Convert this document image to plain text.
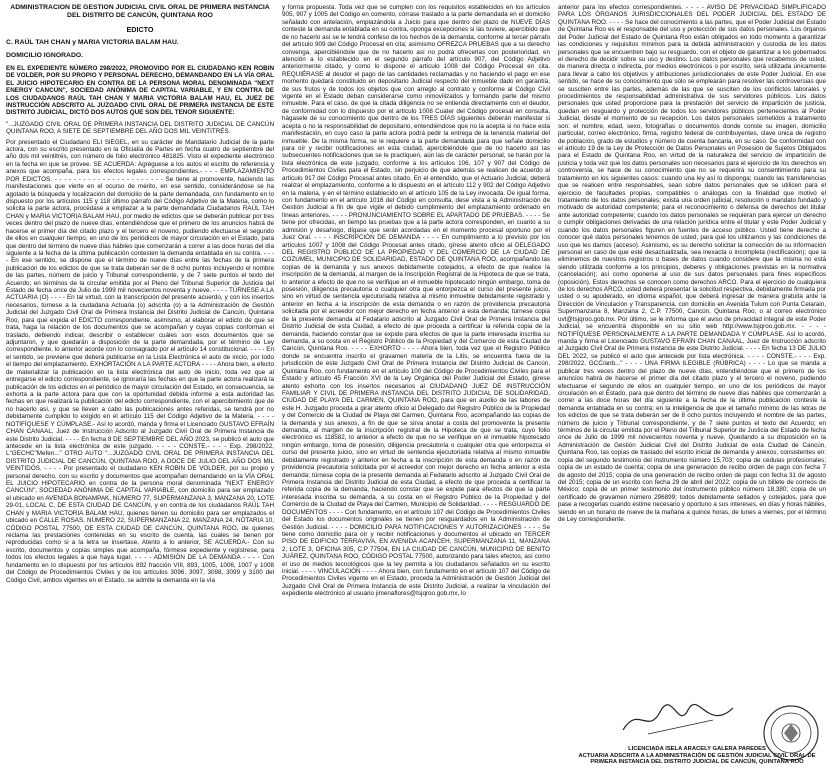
ADMINISTRACIÓN DE GESTIÓN JUDICIAL CIVIL ORAL DE PRIMERA INSTANCIA DEL DISTRITO DE CANCÚN, QUINTANA ROO
EDICTO
C. RAÚL TAH CHAN y MARIA VICTORIA BALAM HAU.
DOMICILIO IGNORADO.

EN EL EXPEDIENTE NÚMERO 298/2022, PROMOVIDO POR EL CIUDADANO KEN ROBIN DE VOLDER, POR SU PROPIO Y PERSONAL DERECHO, DEMANDANDO EN LA VÍA ORAL EL JUICIO HIPOTECARIO EN CONTRA DE LA PERSONA MORAL DENOMINADA "NEXT ENERGY CANCÚN", SOCIEDAD ANÓNIMA DE CAPITAL VARIABLE, Y EN CONTRA DE LOS CIUDADANOS RAÚL TAH CHAN Y MARIA VICTORIA BALAM HAU, EL JUEZ DE INSTRUCCIÓN ADSCRITO AL JUZGADO CIVIL ORAL DE PRIMERA INSTANCIA DE ESTE DISTRITO JUDICIAL, DICTÓ DOS AUTOS QUE SON DEL TENOR SIGUIENTE:

"...JUZGADO CIVIL ORAL DE PRIMERA INSTANCIA DEL DISTRITO JUDICIAL DE CANCÚN QUINTANA ROO, A SIETE DE SEPTIEMBRE DEL AÑO DOS MIL VEINTITRÉS.

Por presentado el Ciudadano ELI SIEGEL, en su carácter de Mandatario Judicial de la parte actora, con su escrito presentado en la Oficialía de Partes en fecha cuatro de septiembre del año dos mil veintitrés, con número de folio electrónico 481825. Visto el expediente electrónico en la fecha en que se provee. SE ACUERDA: Agréguese a los autos el escrito de referencia y anexos que acompaña, para los efectos legales correspondientes.- - - - EMPLAZAMIENTO POR EDICTOS. - - - - - - - - - - - - - - - - - - - - - - - Se tiene al promovente, haciendo las manifestaciones que vierte en el ocurso de mérito, en ese sentido, considerándose se ha agotado la búsqueda y localización del domicilio de la parte demandada, con fundamento en lo dispuesto por los artículos 115 y 118 último párrafo del Código Adjetivo de la Materia, como lo solicita la parte actora, procédase a emplazar a la parte demandada Ciudadanos RAÚL TAH CHAN y MARIA VICTORIA BALAM HAU, por medio de edictos que se deberán publicar por tres veces dentro del plazo de nueve días, entendiéndose que el primero de los anuncios habrá de hacerse el primer día del citado plazo y el tercero el noveno, pudiendo efectuarse el segundo de ellos en cualquier tiempo, en uno de los periódicos de mayor circulación en el Estado, para que dentro del término de nueve días hábiles que comenzarán a correr a las doce horas del día siguiente a la fecha de la última publicación contesten la demanda entablada en su contra. - - - - En ese sentido, se dispone que el término de nueve días entre las fechas de la primera publicación de los edictos de que se trata deberán ser de 8 ocho puntos incluyendo el nombre de las partes, número de juicio y Tribunal correspondiente, y de 7 siete puntos el texto del Acuerdo; en términos de la circular emitida por el Pleno del Tribunal Superior de Justicia del Estado de fecha once de Julio de 1999 mil novecientos noventa y nueve. - - - - TÚRNESE A LA ACTUARIA (O) - - - - En tal virtud, con la transcripción del presente acuerdo, y con los insertos necesarios, túrnese a la ciudadana Actuaria (o) adscrita (o) a la Administración de Gestión Judicial del Juzgado Civil Oral de Primera Instancia del Distrito Judicial de Cancún, Quintana Roo, para que expida el EDICTO correspondiente, asimismo, al elaborar el edicto de que se trata, haga la relación de los documentos que se acompañan y cuyas copias conforman el traslado, debiendo indicar, describir o establecer cuáles son esos documentos que se adjuntaron, y que quedarán a disposición de la parte demandada, por el término de Ley correspondiente, lo anterior acorde con lo consagrado por el artículo 14 constitucional. - - - - En el sentido, se previene que deberá publicarse en la Lista Electrónica el auto de inicio, por todo el tiempo del emplazamiento. EXHORTACIÓN A LA PARTE ACTORA - - - - Ahora bien, a efecto de materializar la publicación en la lista electrónica del auto de inicio, toda vez que al entregarse el edicto correspondiente, se ignoraría las fechas en que la parte actora realizará la publicación de los edictos en el periódico de mayor circulación del Estado, en consecuencia, se exhorta a la parte actora para que con la oportunidad debida informe a esta autoridad las fechas en que realizará la publicación del edicto correspondiente, con el apercibimiento que de no hacerlo así, y que se lleven a cabo las publicaciones antes referidas, se tendrá por no debidamente cumplido lo exigido en el artículo 115 del Código Adjetivo de la Materia. - - - - NOTIFÍQUESE Y CÚMPLASE.- Así lo acordó, manda y firma el Licenciado GUSTAVO EFRAÍN CHAN CANAAL, Juez de Instrucción Adscrito al Juzgado Civil Oral de Primera Instancia de este Distrito Judicial. - - - - En fecha 8 DE SEPTIEMBRE DEL AÑO 2023, se publicó el auto que antecede en la lista electrónica de este juzgado. - - - - CONSTE.- - - - Exp. 298/2022, L"GECHC"Mefen..." OTRO AUTO "...JUZGADO CIVIL ORAL DE PRIMERA INSTANCIA DEL DISTRITO JUDICIAL DE CANCÚN, QUINTANA ROO, A DOCE DE JULIO DEL AÑO DOS MIL VEINTIDÓS. - - - - Por presentado el ciudadano KEN ROBIN DE VOLDER, por su propio y personal derecho, con su escrito y documentos que acompañan demandando en la VÍA ORAL EL JUICIO HIPOTECARIO en contra de la persona moral denominada "NEXT ENERGY CANCÚN", SOCIEDAD ANÓNIMA DE CAPITAL VARIABLE, con domicilio para ser emplazado el ubicado en AVENIDA BONAMPAK, NÚMERO 77, SUPERMANZANA 3, MANZANA 20, LOTE 29-01, LOCAL C, DE ESTA CIUDAD DE CANCÚN, y en contra de los ciudadanos RAÚL TAH CHAN y MARIA VICTORIA BALAM HAU, quienes tienen su domicilio para ser emplazados el ubicado en CALLE ROSAS, NÚMERO 22, SUPERMANZANA 22, MANZANA 24, NOTARIA 10, CÓDIGO POSTAL 77500, DE ESTA CIUDAD DE CANCÚN, QUINTANA ROO, de quienes reclama las prestaciones contenidas en su escrito de cuenta, las cuales se tienen por reproducidas como si a la letra se insertase. Atento a lo anterior, SE ACUERDA.- Con su escrito, documentos y copias simples que acompaña, fórmese expediente y regístrese, para todos los efectos legales a que haya lugar. - - - - ADMISIÓN DE LA DEMANDA - - - - Con fundamento en lo dispuesto por los artículos 892 fracción VIII, 893, 1005, 1006, 1007 y 1008 del Código de Procedimientos Civiles y de los artículos 3096, 3097, 3098, 3099 y 3100 del Código Civil, ambos vigentes en el Estado, se admite la demanda en la vía

y forma propuesta. Toda vez que se cumplen con los requisitos establecidos en los artículos 905, 907 y 1005 del Código en comento, córrase traslado a la parte demandada en el domicilio señalado con antelación, emplazándola a Juicio para que dentro del plazo de NUEVE DÍAS conteste la demanda entablada en su contra, oponga excepciones si las tuviere, apercibido que de no hacerlo así se le tendrá confeso de los hechos de la demanda, conforme al tercer párrafo del artículo 909 del Código Procesal en cita; asimismo OFREZCA PRUEBAS que a su derecho convenga, apercibiéndole que de no hacerlo así no podrá ofrecerlas con posterioridad, en atención a lo establecido en el segundo párrafo del artículo 907, del Código Adjetivo anteriormente citado, y como lo dispone el artículo 1008 del Código Procesal en cita. REQUIÉRASE al deudor el pago de las cantidades reclamadas y no haciendo el pago en ese momento quedará constituido en depositario Judicial respecto del inmueble dado en garantía, de sus frutos y de todos los objetos que con arreglo al contrato y conforme al Código Civil vigente en el Estado deban considerarse como inmovilizados y formando parte del mismo inmueble. Para el caso, de que la citada diligencia no se entienda directamente con el deudor, de conformidad con lo dispuesto por el artículo 1008 Cuater del Código procesal en consulta, hágasele de su conocimiento que dentro de los TRES DÍAS siguientes deberán manifestar si acepta o no la responsabilidad de depositario, entendiéndose que no la acepta si no hace esta manifestación, en cuyo caso la parte actora podrá pedir la entrega de la tenencia material del inmueble. De la misma forma, se le requiere a la parte demandada para que señale domicilio para oír y recibir notificaciones en esta ciudad, apercibiéndole que de no hacerlo así las subsecuentes notificaciones que se le practiquen, aún las de carácter personal, se harán por la lista electrónica de este juzgado, conforme a los artículos 106, 107 y 907 del Código de Procedimientos Civiles para el Estado, sin perjuicio de que además se realicen de acuerdo al artículo 917 del Código Procesal antes citado. En el entendido, que el Actuario Judicial, deberá realizar el emplazamiento, conforme a lo dispuesto en el artículo 112 y 902 del Código Adjetivo en la materia, y en el término establecido en el artículo 105 de la Ley invocada. De igual forma, con fundamento en el artículo 1016 del Código en consulta, dese vista a la Administración de Gestión Judicial a fin de que vigile el debido cumplimiento del emplazamiento ordenado en líneas anteriores. - - - - PRONUNCIAMIENTO SOBRE EL APARTADO DE PRUEBAS. - - - - Se tiene por ofrecidas, en tiempo las pruebas que a la parte actora corresponden, en cuanto a su admisión y desahogo, dígase que serán acordadas en el momento procesal oportuno por el Juez Oral. - - - - INSCRIPCIÓN DE DEMANDA - - - - En cumplimiento a lo previsto por los artículos 1007 y 1008 del Código Procesal antes citado, gírese atento oficio al DELEGADO DEL REGISTRO PÚBLICO DE LA PROPIEDAD Y DEL COMERCIO DE LA CIUDAD DE COZUMEL, MUNICIPIO DE SOLIDARIDAD, ESTADO DE QUINTANA ROO, acompañando las copias de la demanda y sus anexos debidamente cotejados, a efecto de que realice la inscripción de la demanda, al margen de la Inscripción Registral de la Hipoteca de que se trata, lo anterior a efecto de que no se verifique en el inmueble hipotecado ningún embargo, toma de posesión, diligencia precautoria o cualquier otra que entorpezca el curso del presente juicio, sino en virtud de sentencia ejecutoriada relativa al mismo inmueble debidamente registrado y anterior en fecha a la inscripción de esta demanda o en razón de providencia precautoria solicitada por el acreedor con mejor derecho en fecha anterior a esta demanda; túrnese copia de la presente demanda al Fedatario adscrito al Juzgado Civil Oral de Primera Instancia del Distrito Judicial de esta Ciudad, a efecto de que proceda a certificar la referida copia de la demanda, haciendo constar que se expide para efectos de que la parte interesada inscriba su demanda, a su costa en el Registro Público de la Propiedad y del Comercio de esta Ciudad de Cancún, Quintana Roo. - - - - EXHORTO - - - - Ahora bien, toda vez que el Registro Público donde se encuentra inscrito el gravamen materia de la Litis, se encuentra fuera de la jurisdicción de este Juzgado Civil Oral de Primera Instancia del Distrito Judicial de Cancún, Quintana Roo, con fundamento en el artículo 100 del Código de Procedimientos Civiles para el Estado y artículo 45 Fracción XVI de la Ley Orgánica del Poder Judicial del Estado, gírese atento exhorto con los insertos necesarios al CIUDADANO JUEZ DE INSTRUCCIÓN FAMILIAR Y CIVIL DE PRIMERA INSTANCIA DEL DISTRITO JUDICIAL DE SOLIDARIDAD, CIUDAD DE PLAYA DEL CARMEN, QUINTANA ROO, para que en auxilio de las labores de este H. Juzgado proceda a girar atento oficio al Delegado del Registro Público de la Propiedad y del Comercio de la Ciudad de Playa del Carmen, Quintana Roo, acompañando las copias de la demanda y sus anexos, a fin de que se sirva anotar a costa del promovente la presente demanda, al margen de la inscripción registral de la Hipoteca de que se trata, cuyo folio electrónico es 118582, lo anterior a efecto de que no se verifique en el inmueble hipotecado ningún embargo, toma de posesión, diligencia precautoria o cualquier otra que entorpezca el curso del presente juicio, sino en virtud de sentencia ejecutoriada relativa al mismo inmueble debidamente registrado y anterior en fecha a la inscripción de esta demanda o en razón de providencia precautoria solicitada por el acreedor con mejor derecho en fecha anterior a esta demanda; túrnese copia de la presente demanda al Fedatario adscrito al Juzgado Civil Oral de Primera Instancia del Distrito Judicial de esta Ciudad, a efecto de que proceda a certificar la referida copia de la demanda, haciendo constar que se expide para efectos de que la parte interesada inscriba su demanda, a su costa en el Registro Público de la Propiedad y del Comercio de la Ciudad de Playa del Carmen, Municipio de Solidaridad. - - - - RESGUARDO DE DOCUMENTOS - - - - Con fundamento, en el artículo 107 del Código de Procedimientos Civiles del Estado los documentos originales se tienen por resguardados en la Administración de Gestión Judicial. - - - - DOMICILIO PARA NOTIFICACIONES Y AUTORIZACIONES - - - - Se tiene como domicilio para oír y recibir notificaciones y documentos el ubicado en TERCER PISO DE EDIFICIO TERRAVIVA, EN AVENIDA ACANCEH, SUPERMANZANA 11, MANZANA 2, LOTE 3, OFICINA 305, C.P 77504, EN LA CIUDAD DE CANCÚN, MUNICIPIO DE BENITO JUÁREZ, QUINTANA ROO, CÓDIGO POSTAL 77500, autorizando para tales efectos, así como el uso de medios tecnológicos que la ley permita a los ciudadanos señalados en su escrito inicial. - - - - VINCULACIÓN - - - - Ahora bien, con fundamento en el artículo 107 del Código de Procedimientos Civiles vigente en el Estado, proceda la Administración de Gestión Judicial del Juzgado Civil Oral de Primera Instancia de este Distrito Judicial, a realizar la vinculación del expediente electrónico al usuario jimenaflores@tsjqroo.gob.mx, lo

anterior para los efectos correspondientes. - - - - AVISO DE PRIVACIDAD SIMPLIFICADO PARA LOS ÓRGANOS JURISDICCIONALES DEL PODER JUDICIAL DEL ESTADO DE QUINTANA ROO. - - - - Se hace del conocimiento a las partes, que el Poder Judicial del Estado de Quintana Roo es el responsable del uso y protección de sus datos personales. Los órganos del Poder Judicial del Estado de Quintana Roo están obligados en todo momento a garantizar las condiciones y requisitos mínimos para la debida administración y custodia de los datos personales que se encuentren bajo su resguardo, con el objeto de garantizar a los gobernados el derecho de decidir sobre su uso y destino. Los datos personales que recabemos de usted, de manera directa o indirecta, por medios electrónicos o por escrito, será utilizada únicamente para llevar a cabo los objetivos y atribuciones jurisdiccionales de este Poder Judicial. En ese sentido, se hace de su conocimiento que sólo se emplearán para resolver las controversias que se susciten entre las partes, además de las que se susciten de los conflictos laborales y procedimientos de responsabilidad administrativa de sus servidores públicos. Los datos personales que usted proporcione para la prestación del servicio de impartición de justicia, quedan en resguardo y protección de todos los servidores públicos pertenecientes al Poder Judicial, desde el momento de su recepción. Los datos personales sometidos a tratamiento son: el nombre, edad, sexo, fotografías o documentos donde conste su imagen, domicilio particular, correo electrónico, firma, registro federal de contribuyentes, clave única de registro de población, grado de estudios y número de cuenta bancaria, en su caso. De conformidad con el artículo 19 de la Ley de Protección de Datos Personales en Posesión de Sujetos Obligados para el Estado de Quintana Roo, en virtud de la naturaleza del servicio de impartición de justicia y toda vez que los datos personales son necesarios para el ejercicio de los derechos en controversia, se hace de su conocimiento que no se requerirá su consentimiento para su tratamiento en los siguientes casos: cuando una ley así lo disponga; cuando las transferencias que se realicen entre responsables, sean sobre datos personales que se utilicen para el ejercicio de facultades propias, compatibles o análogas con la finalidad que motivó el tratamiento de los datos personales; exista una orden judicial, resolución o mandato fundado y motivado de autoridad competente; para el reconocimiento o defensa de derechos del titular ante autoridad competente; cuando los datos personales se requieran para ejercer un derecho o cumplir obligaciones derivadas de una relación jurídica entre el titular y este Poder Judicial y cuando los datos personales figuren en fuentes de acceso público. Usted tiene derecho a conocer qué datos personales tenemos de usted, para qué los utilizamos y las condiciones de uso que les damos (acceso). Asimismo, es su derecho solicitar la corrección de su información personal en caso de que esté desactualizada, sea inexacta o incompleta (rectificación); que la eliminemos de nuestros registros o bases de datos cuando considere que la misma no está siendo utilizada conforme a los principios, deberes y obligaciones previstas en la normativa (cancelación); así como oponerse al uso de sus datos personales para fines específicos (oposición). Estos derechos se conocen como derechos ARCO. Para el ejercicio de cualquiera de los derechos ARCO, usted deberá presentar la solicitud respectiva, debidamente firmada por usted o su apoderado, en idioma español, que deberá ingresar de manera gratuita ante la Dirección de Vinculación y Transparencia, con domicilio en Avenida Tulum con Punta Celarain, Supermanzana 8, Manzana 2, C.P. 77500, Cancún, Quintana Roo; o al correo electrónico uvt@tsjqroo.gob.mx. Por último, se le informa que el aviso de privacidad integral de este Poder Judicial, se encuentra disponible en su sitio web http://www.tsjqroo.gob.mx. - - - - NOTIFÍQUESE PERSONALMENTE A LA PARTE DEMANDADA Y CÚMPLASE. Así lo acordó, manda y firma el Licenciado GUSTAVO EFRAÍN CHAN CANAAL, Juez de Instrucción adscrito al Juzgado Civil Oral de Primera Instancia de este Distrito Judicial. - - - - En fecha 13 DE JULIO DEL 2022, se publicó el auto que antecede por lista electrónica. - - - - CONSTE.- - - - Exp. 298/2022, GCC/anb..." - - - - UNA FIRMA ILEGIBLE (RÚBRICA) - - - - Lo que se manda a publicar tres veces dentro del plazo de nueve días, entendiéndose que el primero de los anuncios habrá de hacerse el primer día del citado plazo y el tercero el noveno, pudiendo efectuarse el segundo de ellos en cualquier tiempo, en uno de los periódicos de mayor circulación en el Estado, para que dentro del término de nueve días hábiles que comenzarán a correr a las doce horas del día siguiente a la fecha de la última publicación conteste la demanda entablada en su contra; en la inteligencia de que el tamaño mínimo de las letras de los edictos de que se trata deberán ser de 8 ocho puntos incluyendo el nombre de las partes, número de juicio y Tribunal correspondiente, y de 7 siete puntos el texto del Acuerdo; en términos de la circular emitida por el Pleno del Tribunal Superior de Justicia del Estado de fecha once de Julio de 1999 mil novecientos noventa y nueve. Quedando a su disposición en la Administración de Gestión Judicial Civil del Distrito Judicial de esta Ciudad de Cancún, Quintana Roo, las copias de traslado del escrito inicial de demanda y anexos, consistentes en: copia del segundo testimonio del instrumento número 15,703; copia de cédulas profesionales; copia de un estado de cuenta; copia de una generación de recibo orden de pago con fecha 7 de agosto del 2015; copia de una generación de recibo orden de pago con fecha 31 de agosto del 2015; copia de un escrito con fecha 29 de abril del 2022; copia de un billete de correos de México; copia de un primer testimonio del instrumento público número 18,380; copia de un certificado de gravamen número 296899; todos debidamente sellados y cotejados, para que pase a recogerlas cuando estime necesario y oportuno a sus intereses, en días y horas hábiles, siendo en un horario de nueve de la mañana a quince horas, de lunes a viernes, por el término de Ley correspondiente.

LICENCIADA ISELA ARACELY GALERA PAREDES
ACTUARIA ADSCRITA A LA ADMINISTRACIÓN DE GESTIÓN JUDICIAL CIVIL ORAL DE PRIMERA INSTANCIA DEL DISTRITO JUDICIAL DE CANCÚN, QUINTANA ROO
